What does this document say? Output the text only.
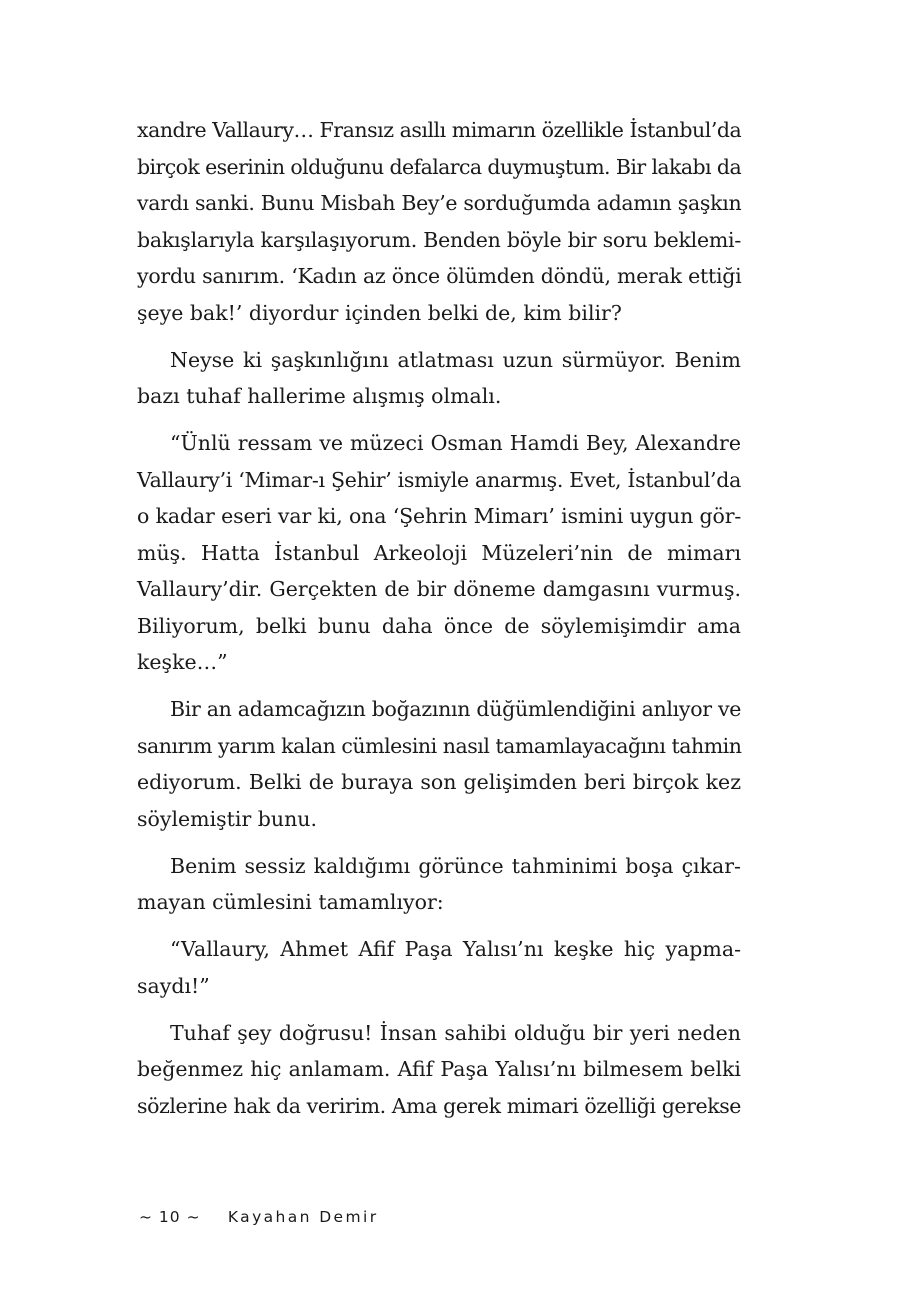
xandre Vallaury… Fransız asıllı mimarın özellikle İstanbul’da
birçok eserinin olduğunu defalarca duymuştum. Bir lakabı da
vardı sanki. Bunu Misbah Bey’e sorduğumda adamın şaşkın
bakışlarıyla karşılaşıyorum. Benden böyle bir soru beklemi-
yordu sanırım. ‘Kadın az önce ölümden döndü, merak ettiği
şeye bak!’ diyordur içinden belki de, kim bilir?

Neyse ki şaşkınlığını atlatması uzun sürmüyor. Benim
bazı tuhaf hallerime alışmış olmalı.

“Ünlü ressam ve müzeci Osman Hamdi Bey, Alexandre
Vallaury’i ‘Mimar-ı Şehir’ ismiyle anarmış. Evet, İstanbul’da
o kadar eseri var ki, ona ‘Şehrin Mimarı’ ismini uygun gör-
müş. Hatta İstanbul Arkeoloji Müzeleri’nin de mimarı
Vallaury’dir. Gerçekten de bir döneme damgasını vurmuş.
Biliyorum, belki bunu daha önce de söylemişimdir ama
keşke…”

Bir an adamcağızın boğazının düğümlendiğini anlıyor ve
sanırım yarım kalan cümlesini nasıl tamamlayacağını tahmin
ediyorum. Belki de buraya son gelişimden beri birçok kez
söylemiştir bunu.

Benim sessiz kaldığımı görünce tahminimi boşa çıkar-
mayan cümlesini tamamlıyor:

“Vallaury, Ahmet Afif Paşa Yalısı’nı keşke hiç yapma-
saydı!”

Tuhaf şey doğrusu! İnsan sahibi olduğu bir yeri neden
beğenmez hiç anlamam. Afif Paşa Yalısı’nı bilmesem belki
sözlerine hak da veririm. Ama gerek mimari özelliği gerekse

~ 10 ~ Kayahan Demir
